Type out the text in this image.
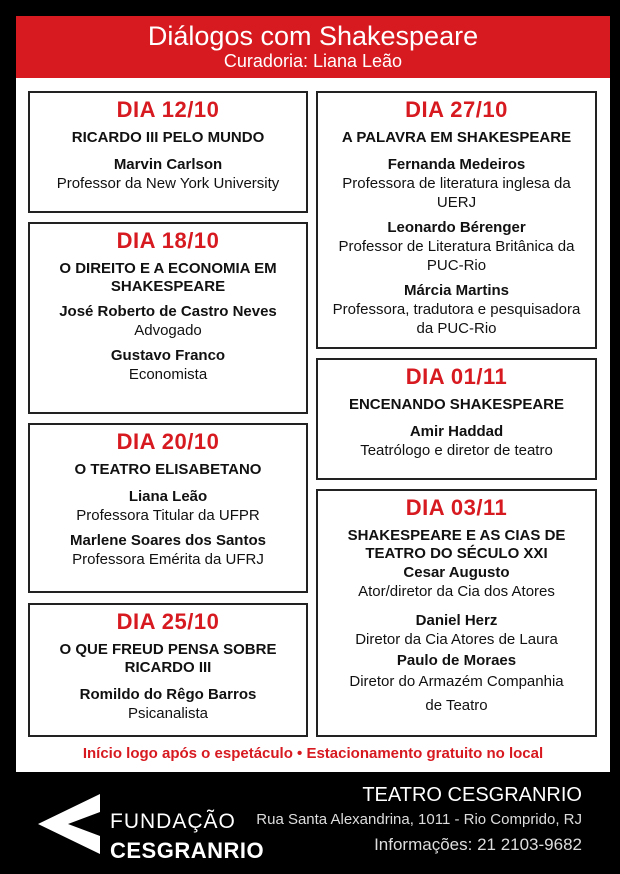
Diálogos com Shakespeare
Curadoria: Liana Leão
DIA 12/10
RICARDO III PELO MUNDO
Marvin Carlson
Professor da New York University
DIA 18/10
O DIREITO E A ECONOMIA EM
SHAKESPEARE
José Roberto de Castro Neves
Advogado
Gustavo Franco
Economista
DIA 20/10
O TEATRO ELISABETANO
Liana Leão
Professora Titular da UFPR
Marlene Soares dos Santos
Professora Emérita da UFRJ
DIA 25/10
O QUE FREUD PENSA SOBRE
RICARDO III
Romildo do Rêgo Barros
Psicanalista
DIA 27/10
A PALAVRA EM SHAKESPEARE
Fernanda Medeiros
Professora de literatura inglesa da UERJ
Leonardo Bérenger
Professor de Literatura Britânica da
PUC-Rio
Márcia Martins
Professora, tradutora e pesquisadora
da PUC-Rio
DIA 01/11
ENCENANDO SHAKESPEARE
Amir Haddad
Teatrólogo e diretor de teatro
DIA 03/11
SHAKESPEARE E AS CIAS DE
TEATRO DO SÉCULO XXI
Cesar Augusto
Ator/diretor da Cia dos Atores
Daniel Herz
Diretor da Cia Atores de Laura
Paulo de Moraes
Diretor do Armazém Companhia
de Teatro
Início logo após o espetáculo • Estacionamento gratuito no local
FUNDAÇÃO
CESGRANRIO
TEATRO CESGRANRIO
Rua Santa Alexandrina, 1011 - Rio Comprido, RJ
Informações: 21 2103-9682
